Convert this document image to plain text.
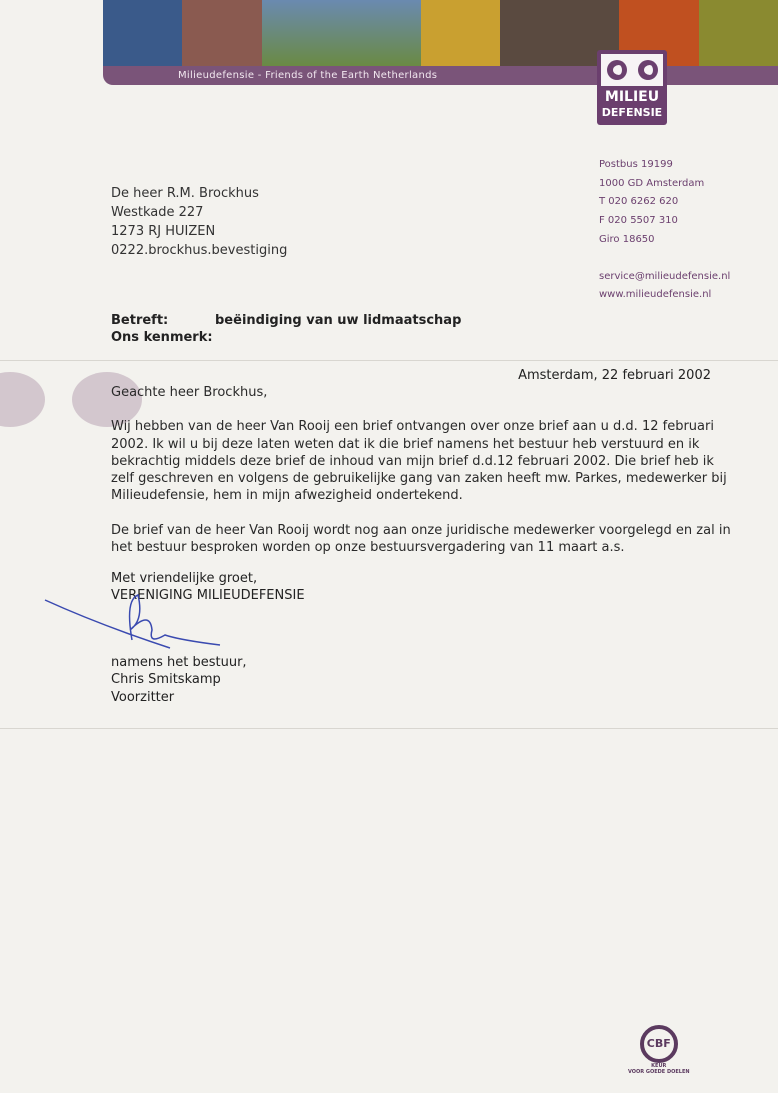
Milieudefensie - Friends of the Earth Netherlands
MILIEU
DEFENSIE
Postbus 19199
1000 GD Amsterdam
T 020 6262 620
F 020 5507 310
Giro 18650
service@milieudefensie.nl
www.milieudefensie.nl
De heer R.M. Brockhus
Westkade 227
1273 RJ HUIZEN
0222.brockhus.bevestiging
Betreft:	beëindiging van uw lidmaatschap
Ons kenmerk:
Amsterdam, 22 februari 2002

Geachte heer Brockhus,

Wij hebben van de heer Van Rooij een brief ontvangen over onze brief aan u d.d. 12 februari 2002. Ik wil u bij deze laten weten dat ik die brief namens het bestuur heb verstuurd en ik bekrachtig middels deze brief de inhoud van mijn brief d.d.12 februari 2002. Die brief heb ik zelf geschreven en volgens de gebruikelijke gang van zaken heeft mw. Parkes, medewerker bij Milieudefensie, hem in mijn afwezigheid ondertekend.

De brief van de heer Van Rooij wordt nog aan onze juridische medewerker voorgelegd en zal in het bestuur besproken worden op onze bestuursvergadering van 11 maart a.s.

Met vriendelijke groet,
VERENIGING MILIEUDEFENSIE
namens het bestuur,
Chris Smitskamp
Voorzitter
CBF
KEUR
VOOR GOEDE DOELEN
